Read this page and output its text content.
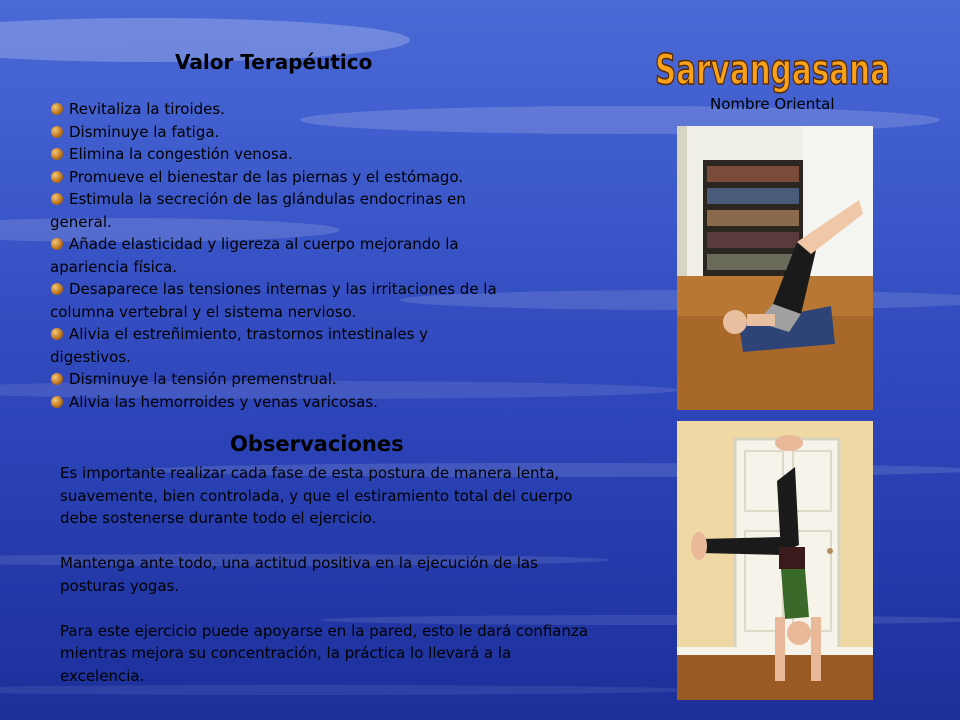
Sarvangasana
Nombre Oriental
Valor Terapéutico
Revitaliza la tiroides.
Disminuye la fatiga.
Elimina la congestión venosa.
Promueve el bienestar de las piernas y el estómago.
Estimula la secreción de las glándulas endocrinas en general.
Añade elasticidad y ligereza al cuerpo mejorando la apariencia física.
Desaparece las tensiones internas y las irritaciones de la columna vertebral y el sistema nervioso.
Alivia el estreñimiento, trastornos intestinales y digestivos.
Disminuye la tensión premenstrual.
Alivia las hemorroides y venas varicosas.
Observaciones

Es importante realizar cada fase de esta postura de manera lenta, suavemente, bien controlada, y que el estiramiento total del cuerpo debe sostenerse durante todo el ejercicio.

Mantenga ante todo, una actitud positiva en la ejecución de las posturas yogas.

Para este ejercicio puede apoyarse en la pared, esto le dará confianza mientras mejora su concentración, la práctica lo llevará a la excelencia.
